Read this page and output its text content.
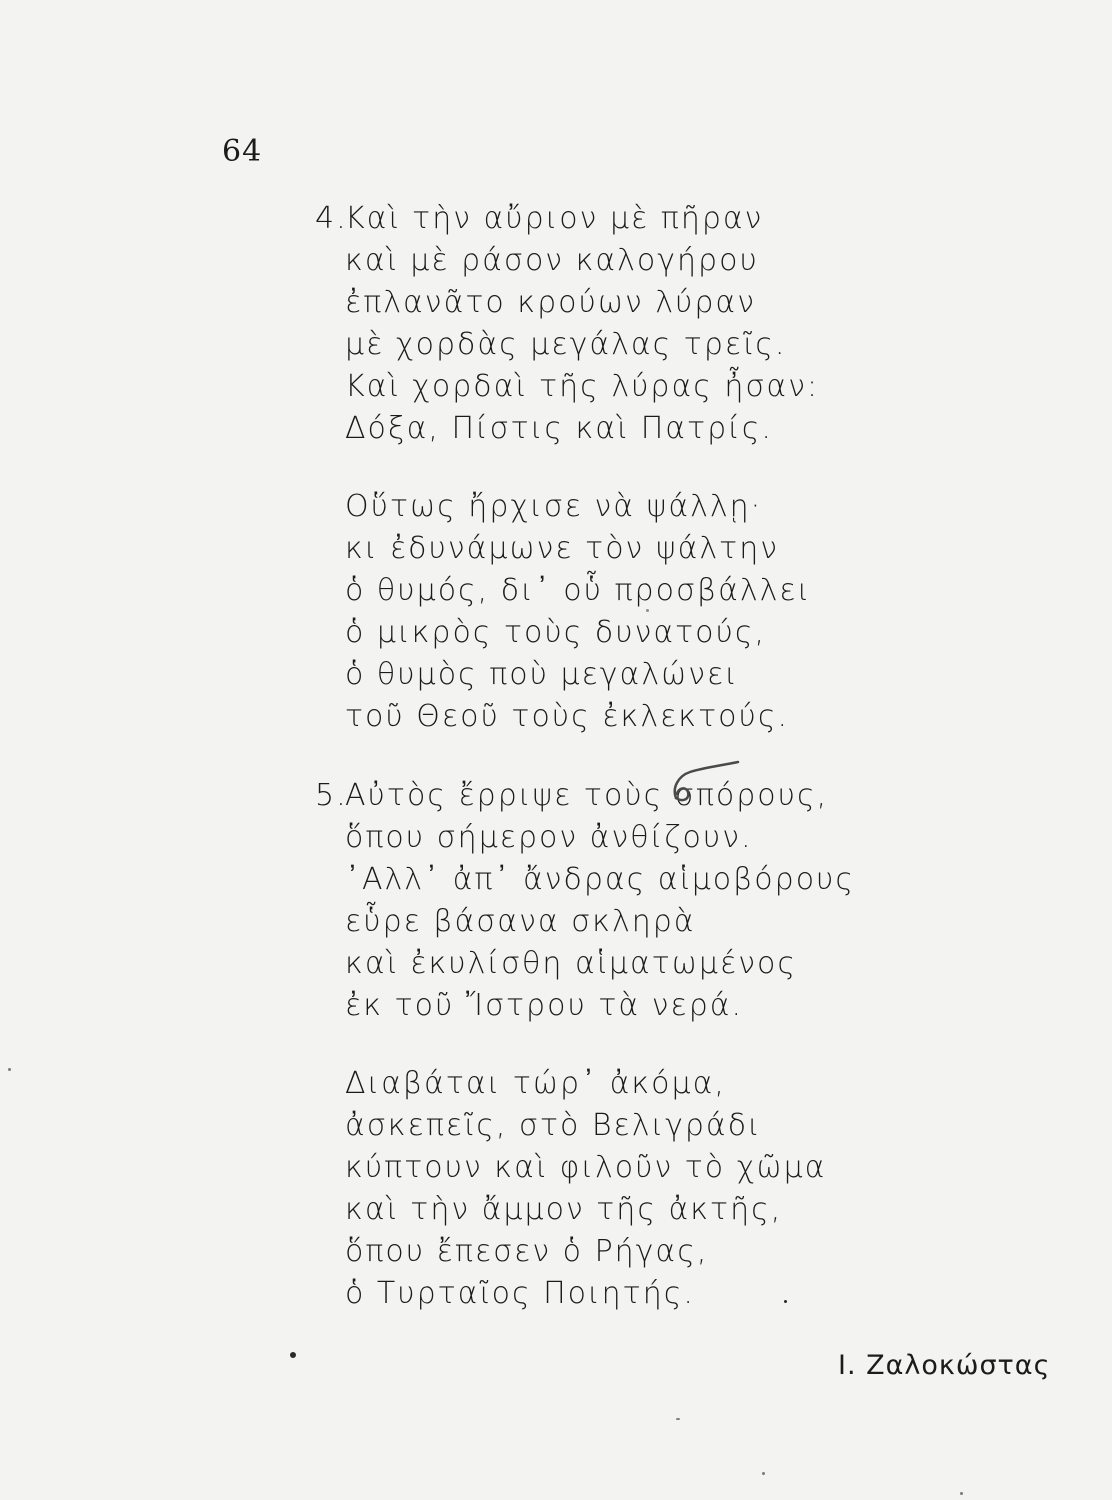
64
4.
Καὶ τὴν αὔριον μὲ πῆραν
καὶ μὲ ράσον καλογήρου
ἐπλανᾶτο κρούων λύραν
μὲ χορδὰς μεγάλας τρεῖς.
Καὶ χορδαὶ τῆς λύρας ἦσαν:
Δόξα, Πίστις καὶ Πατρίς.
Οὕτως ἤρχισε νὰ ψάλλῃ·
κι ἐδυνάμωνε τὸν ψάλτην
ὁ θυμός, δι᾽ οὗ προσβάλλει
ὁ μικρὸς τοὺς δυνατούς,
ὁ θυμὸς ποὺ μεγαλώνει
τοῦ Θεοῦ τοὺς ἐκλεκτούς.
5.
Αὐτὸς ἔρριψε τοὺς σπόρους,
ὅπου σήμερον ἀνθίζουν.
᾿Αλλ᾽ ἀπ᾽ ἄνδρας αἱμοβόρους
εὗρε βάσανα σκληρὰ
καὶ ἐκυλίσθη αἱματωμένος
ἐκ τοῦ Ἴστρου τὰ νερά.
Διαβάται τώρ᾽ ἀκόμα,
ἀσκεπεῖς, στὸ Βελιγράδι
κύπτουν καὶ φιλοῦν τὸ χῶμα
καὶ τὴν ἄμμον τῆς ἀκτῆς,
ὅπου ἔπεσεν ὁ Ρήγας,
ὁ Τυρταῖος Ποιητής.
Ι. Ζαλοκώστας
